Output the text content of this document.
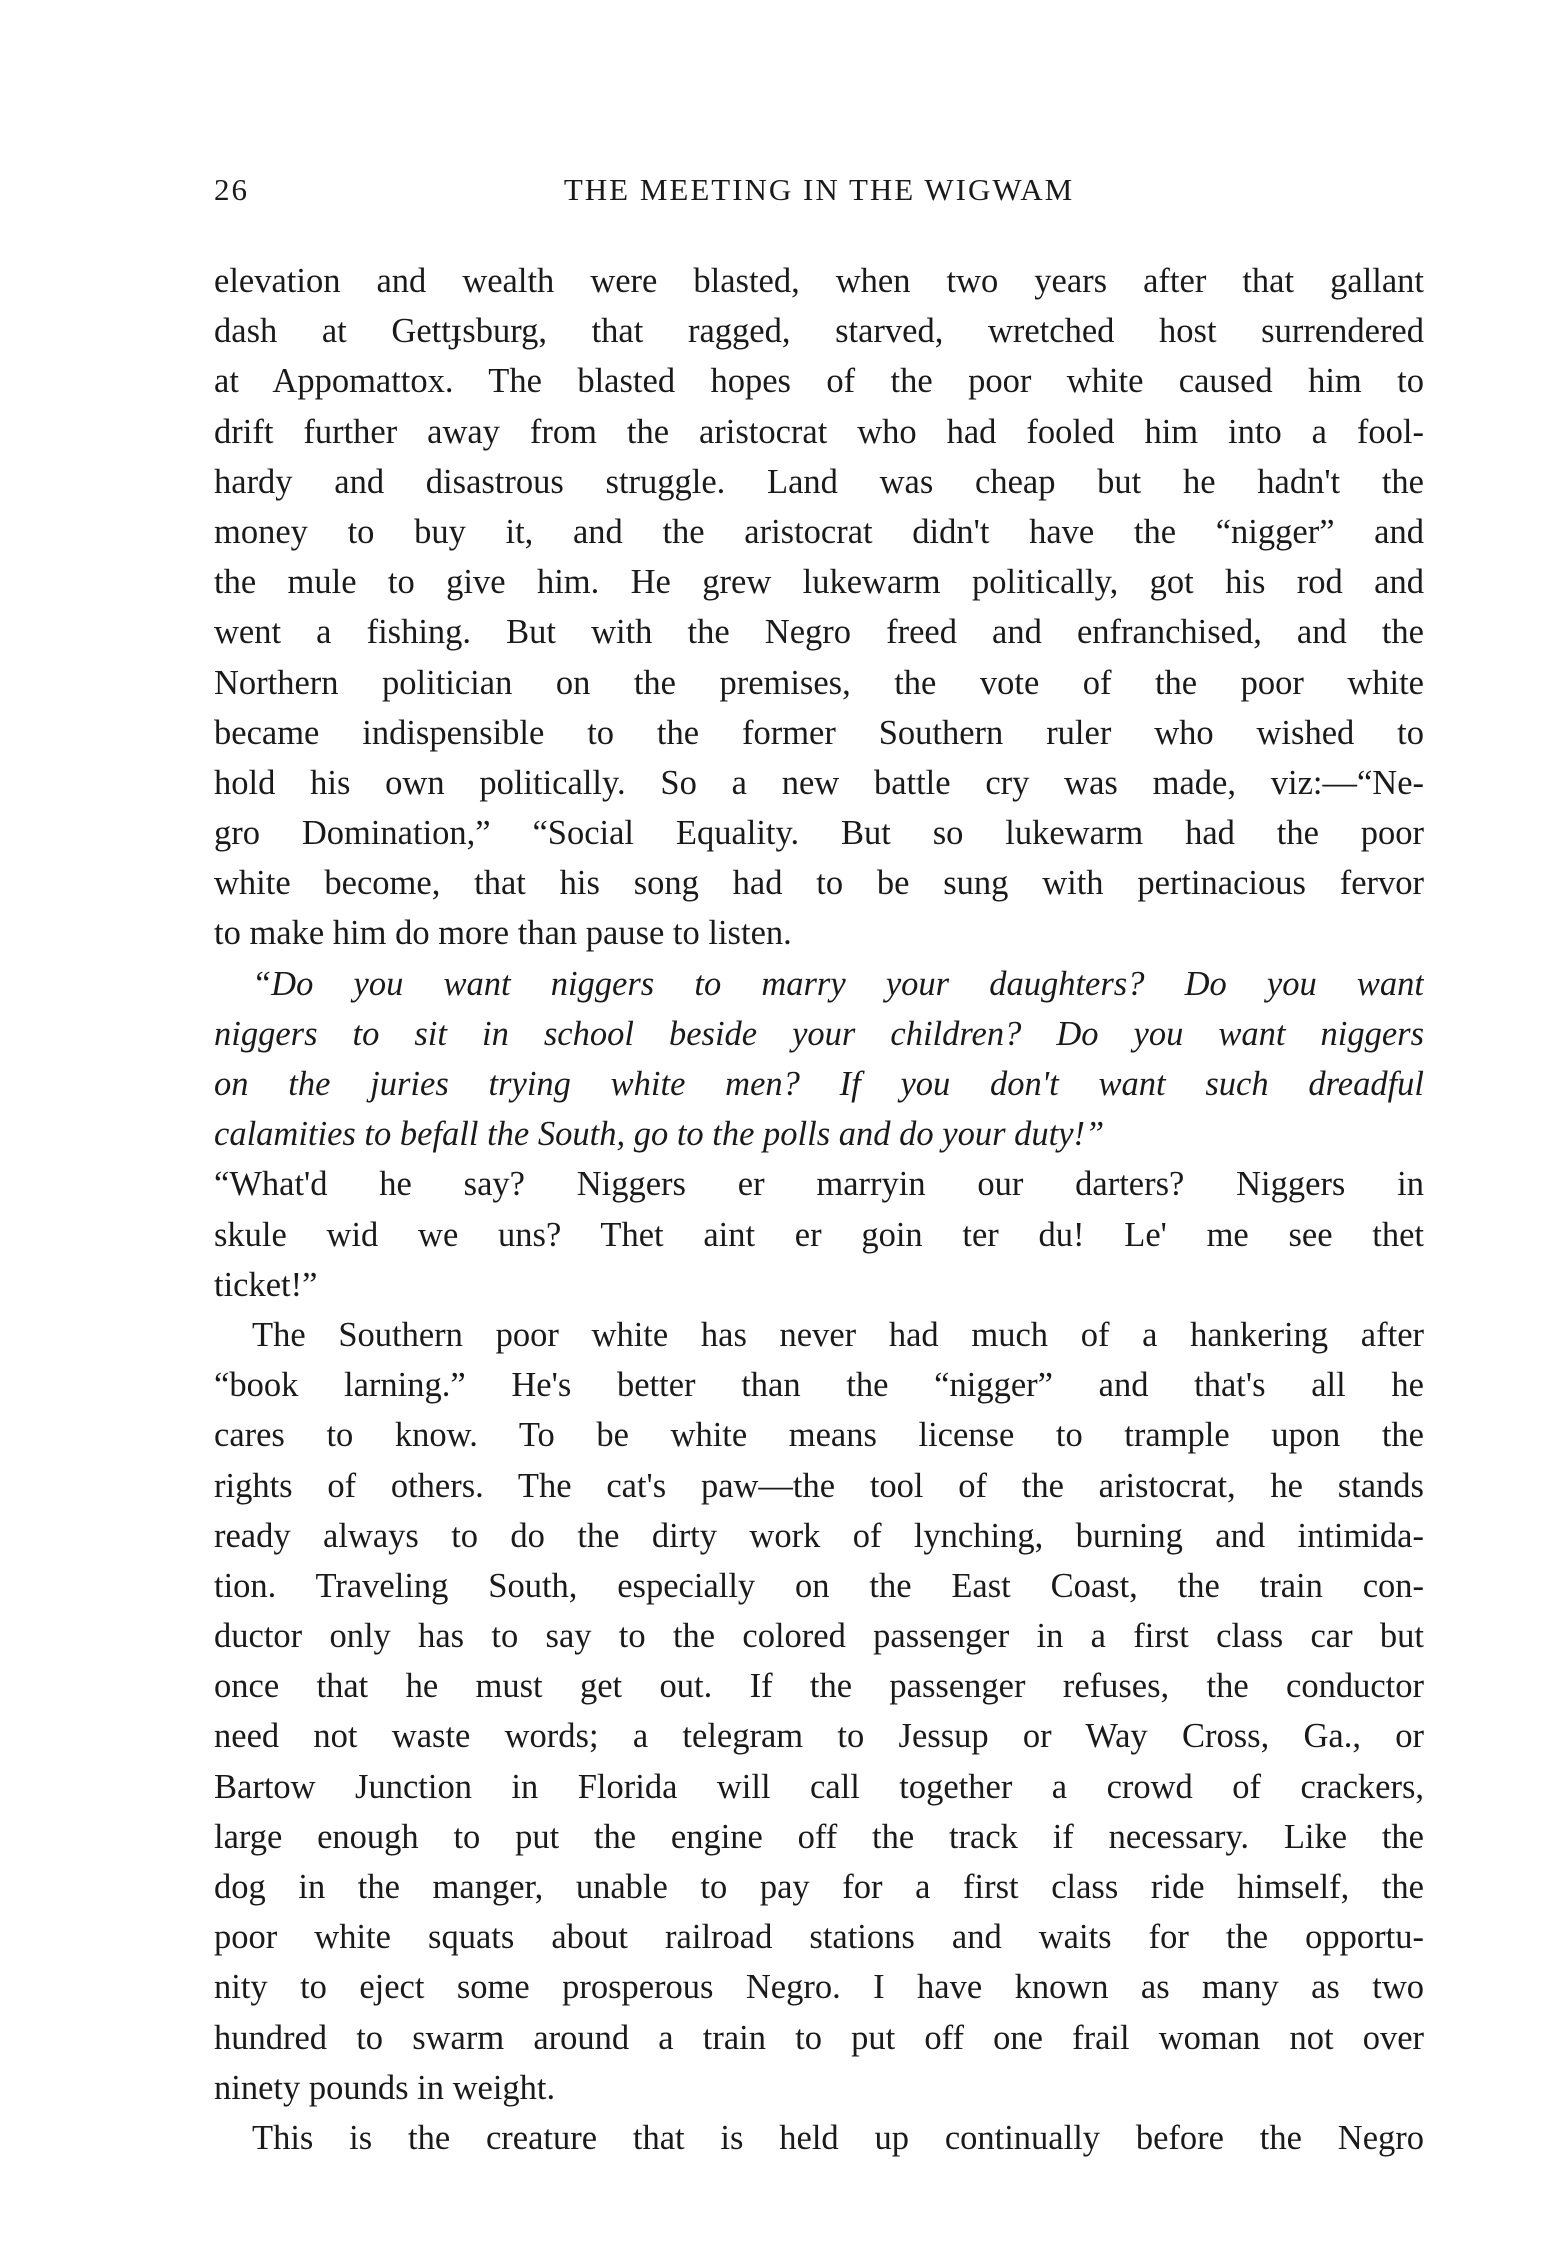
26	THE MEETING IN THE WIGWAM
elevation and wealth were blasted, when two years after that gallant
dash at Gettɟsburg, that ragged, starved, wretched host surrendered
at Appomattox. The blasted hopes of the poor white caused him to
drift further away from the aristocrat who had fooled him into a fool-
hardy and disastrous struggle. Land was cheap but he hadn't the
money to buy it, and the aristocrat didn't have the “nigger” and
the mule to give him. He grew lukewarm politically, got his rod and
went a fishing. But with the Negro freed and enfranchised, and the
Northern politician on the premises, the vote of the poor white
became indispensible to the former Southern ruler who wished to
hold his own politically. So a new battle cry was made, viz:—“Ne-
gro Domination,” “Social Equality. But so lukewarm had the poor
white become, that his song had to be sung with pertinacious fervor
to make him do more than pause to listen.
“Do you want niggers to marry your daughters? Do you want
niggers to sit in school beside your children? Do you want niggers
on the juries trying white men? If you don't want such dreadful
calamities to befall the South, go to the polls and do your duty!”
“What'd he say? Niggers er marryin our darters? Niggers in
skule wid we uns? Thet aint er goin ter du! Le' me see thet
ticket!”
The Southern poor white has never had much of a hankering after
“book larning.” He's better than the “nigger” and that's all he
cares to know. To be white means license to trample upon the
rights of others. The cat's paw—the tool of the aristocrat, he stands
ready always to do the dirty work of lynching, burning and intimida-
tion. Traveling South, especially on the East Coast, the train con-
ductor only has to say to the colored passenger in a first class car but
once that he must get out. If the passenger refuses, the conductor
need not waste words; a telegram to Jessup or Way Cross, Ga., or
Bartow Junction in Florida will call together a crowd of crackers,
large enough to put the engine off the track if necessary. Like the
dog in the manger, unable to pay for a first class ride himself, the
poor white squats about railroad stations and waits for the opportu-
nity to eject some prosperous Negro. I have known as many as two
hundred to swarm around a train to put off one frail woman not over
ninety pounds in weight.
This is the creature that is held up continually before the Negro
